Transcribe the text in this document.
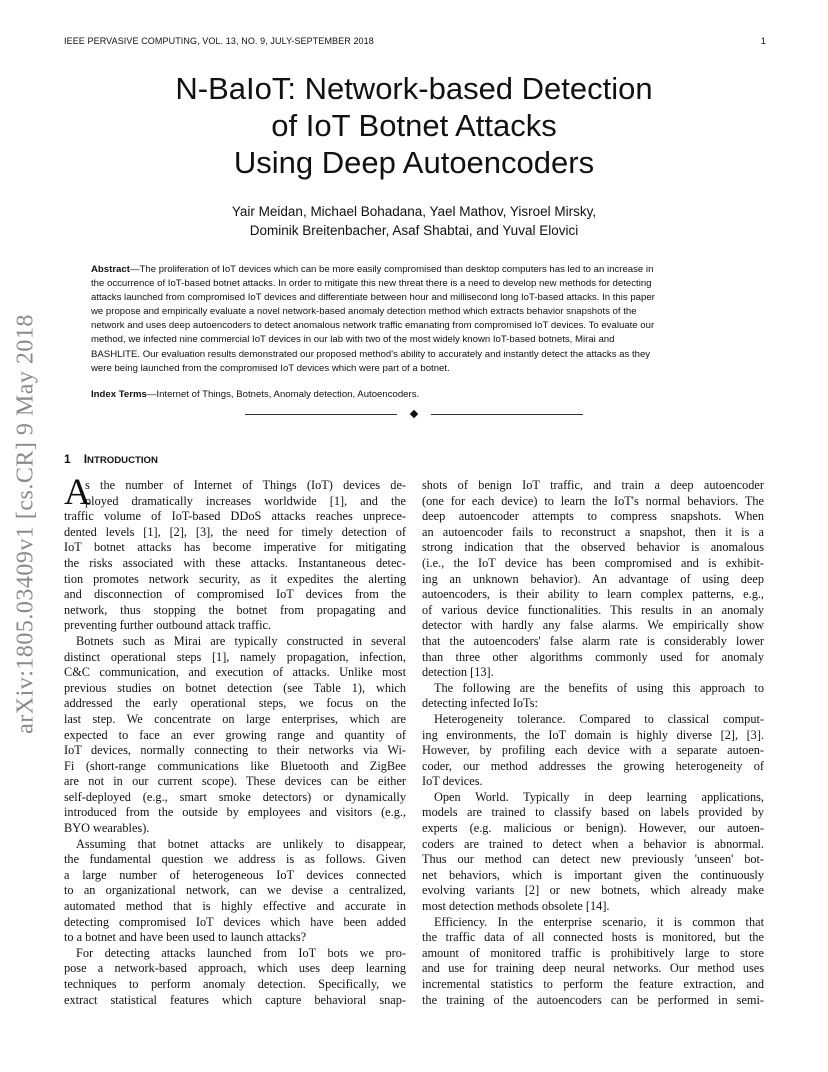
IEEE PERVASIVE COMPUTING, VOL. 13, NO. 9, JULY-SEPTEMBER 2018	1
arXiv:1805.03409v1 [cs.CR] 9 May 2018
N-BaIoT: Network-based Detection
of IoT Botnet Attacks
Using Deep Autoencoders
Yair Meidan, Michael Bohadana, Yael Mathov, Yisroel Mirsky,
Dominik Breitenbacher, Asaf Shabtai, and Yuval Elovici
Abstract—The proliferation of IoT devices which can be more easily compromised than desktop computers has led to an increase in
the occurrence of IoT-based botnet attacks. In order to mitigate this new threat there is a need to develop new methods for detecting
attacks launched from compromised IoT devices and differentiate between hour and millisecond long IoT-based attacks. In this paper
we propose and empirically evaluate a novel network-based anomaly detection method which extracts behavior snapshots of the
network and uses deep autoencoders to detect anomalous network traffic emanating from compromised IoT devices. To evaluate our
method, we infected nine commercial IoT devices in our lab with two of the most widely known IoT-based botnets, Mirai and
BASHLITE. Our evaluation results demonstrated our proposed method's ability to accurately and instantly detect the attacks as they
were being launched from the compromised IoT devices which were part of a botnet.
Index Terms—Internet of Things, Botnets, Anomaly detection, Autoencoders.
1 INTRODUCTION
A
s the number of Internet of Things (IoT) devices de-
ployed dramatically increases worldwide [1], and the
traffic volume of IoT-based DDoS attacks reaches unprece-
dented levels [1], [2], [3], the need for timely detection of
IoT botnet attacks has become imperative for mitigating
the risks associated with these attacks. Instantaneous detec-
tion promotes network security, as it expedites the alerting
and disconnection of compromised IoT devices from the
network, thus stopping the botnet from propagating and
preventing further outbound attack traffic.
Botnets such as Mirai are typically constructed in several
distinct operational steps [1], namely propagation, infection,
C&C communication, and execution of attacks. Unlike most
previous studies on botnet detection (see Table 1), which
addressed the early operational steps, we focus on the
last step. We concentrate on large enterprises, which are
expected to face an ever growing range and quantity of
IoT devices, normally connecting to their networks via Wi-
Fi (short-range communications like Bluetooth and ZigBee
are not in our current scope). These devices can be either
self-deployed (e.g., smart smoke detectors) or dynamically
introduced from the outside by employees and visitors (e.g.,
BYO wearables).
Assuming that botnet attacks are unlikely to disappear,
the fundamental question we address is as follows. Given
a large number of heterogeneous IoT devices connected
to an organizational network, can we devise a centralized,
automated method that is highly effective and accurate in
detecting compromised IoT devices which have been added
to a botnet and have been used to launch attacks?
For detecting attacks launched from IoT bots we pro-
pose a network-based approach, which uses deep learning
techniques to perform anomaly detection. Specifically, we
extract statistical features which capture behavioral snap-
shots of benign IoT traffic, and train a deep autoencoder
(one for each device) to learn the IoT's normal behaviors. The
deep autoencoder attempts to compress snapshots. When
an autoencoder fails to reconstruct a snapshot, then it is a
strong indication that the observed behavior is anomalous
(i.e., the IoT device has been compromised and is exhibit-
ing an unknown behavior). An advantage of using deep
autoencoders, is their ability to learn complex patterns, e.g.,
of various device functionalities. This results in an anomaly
detector with hardly any false alarms. We empirically show
that the autoencoders' false alarm rate is considerably lower
than three other algorithms commonly used for anomaly
detection [13].
The following are the benefits of using this approach to
detecting infected IoTs:
Heterogeneity tolerance. Compared to classical comput-
ing environments, the IoT domain is highly diverse [2], [3].
However, by profiling each device with a separate autoen-
coder, our method addresses the growing heterogeneity of
IoT devices.
Open World. Typically in deep learning applications,
models are trained to classify based on labels provided by
experts (e.g. malicious or benign). However, our autoen-
coders are trained to detect when a behavior is abnormal.
Thus our method can detect new previously 'unseen' bot-
net behaviors, which is important given the continuously
evolving variants [2] or new botnets, which already make
most detection methods obsolete [14].
Efficiency. In the enterprise scenario, it is common that
the traffic data of all connected hosts is monitored, but the
amount of monitored traffic is prohibitively large to store
and use for training deep neural networks. Our method uses
incremental statistics to perform the feature extraction, and
the training of the autoencoders can be performed in semi-
